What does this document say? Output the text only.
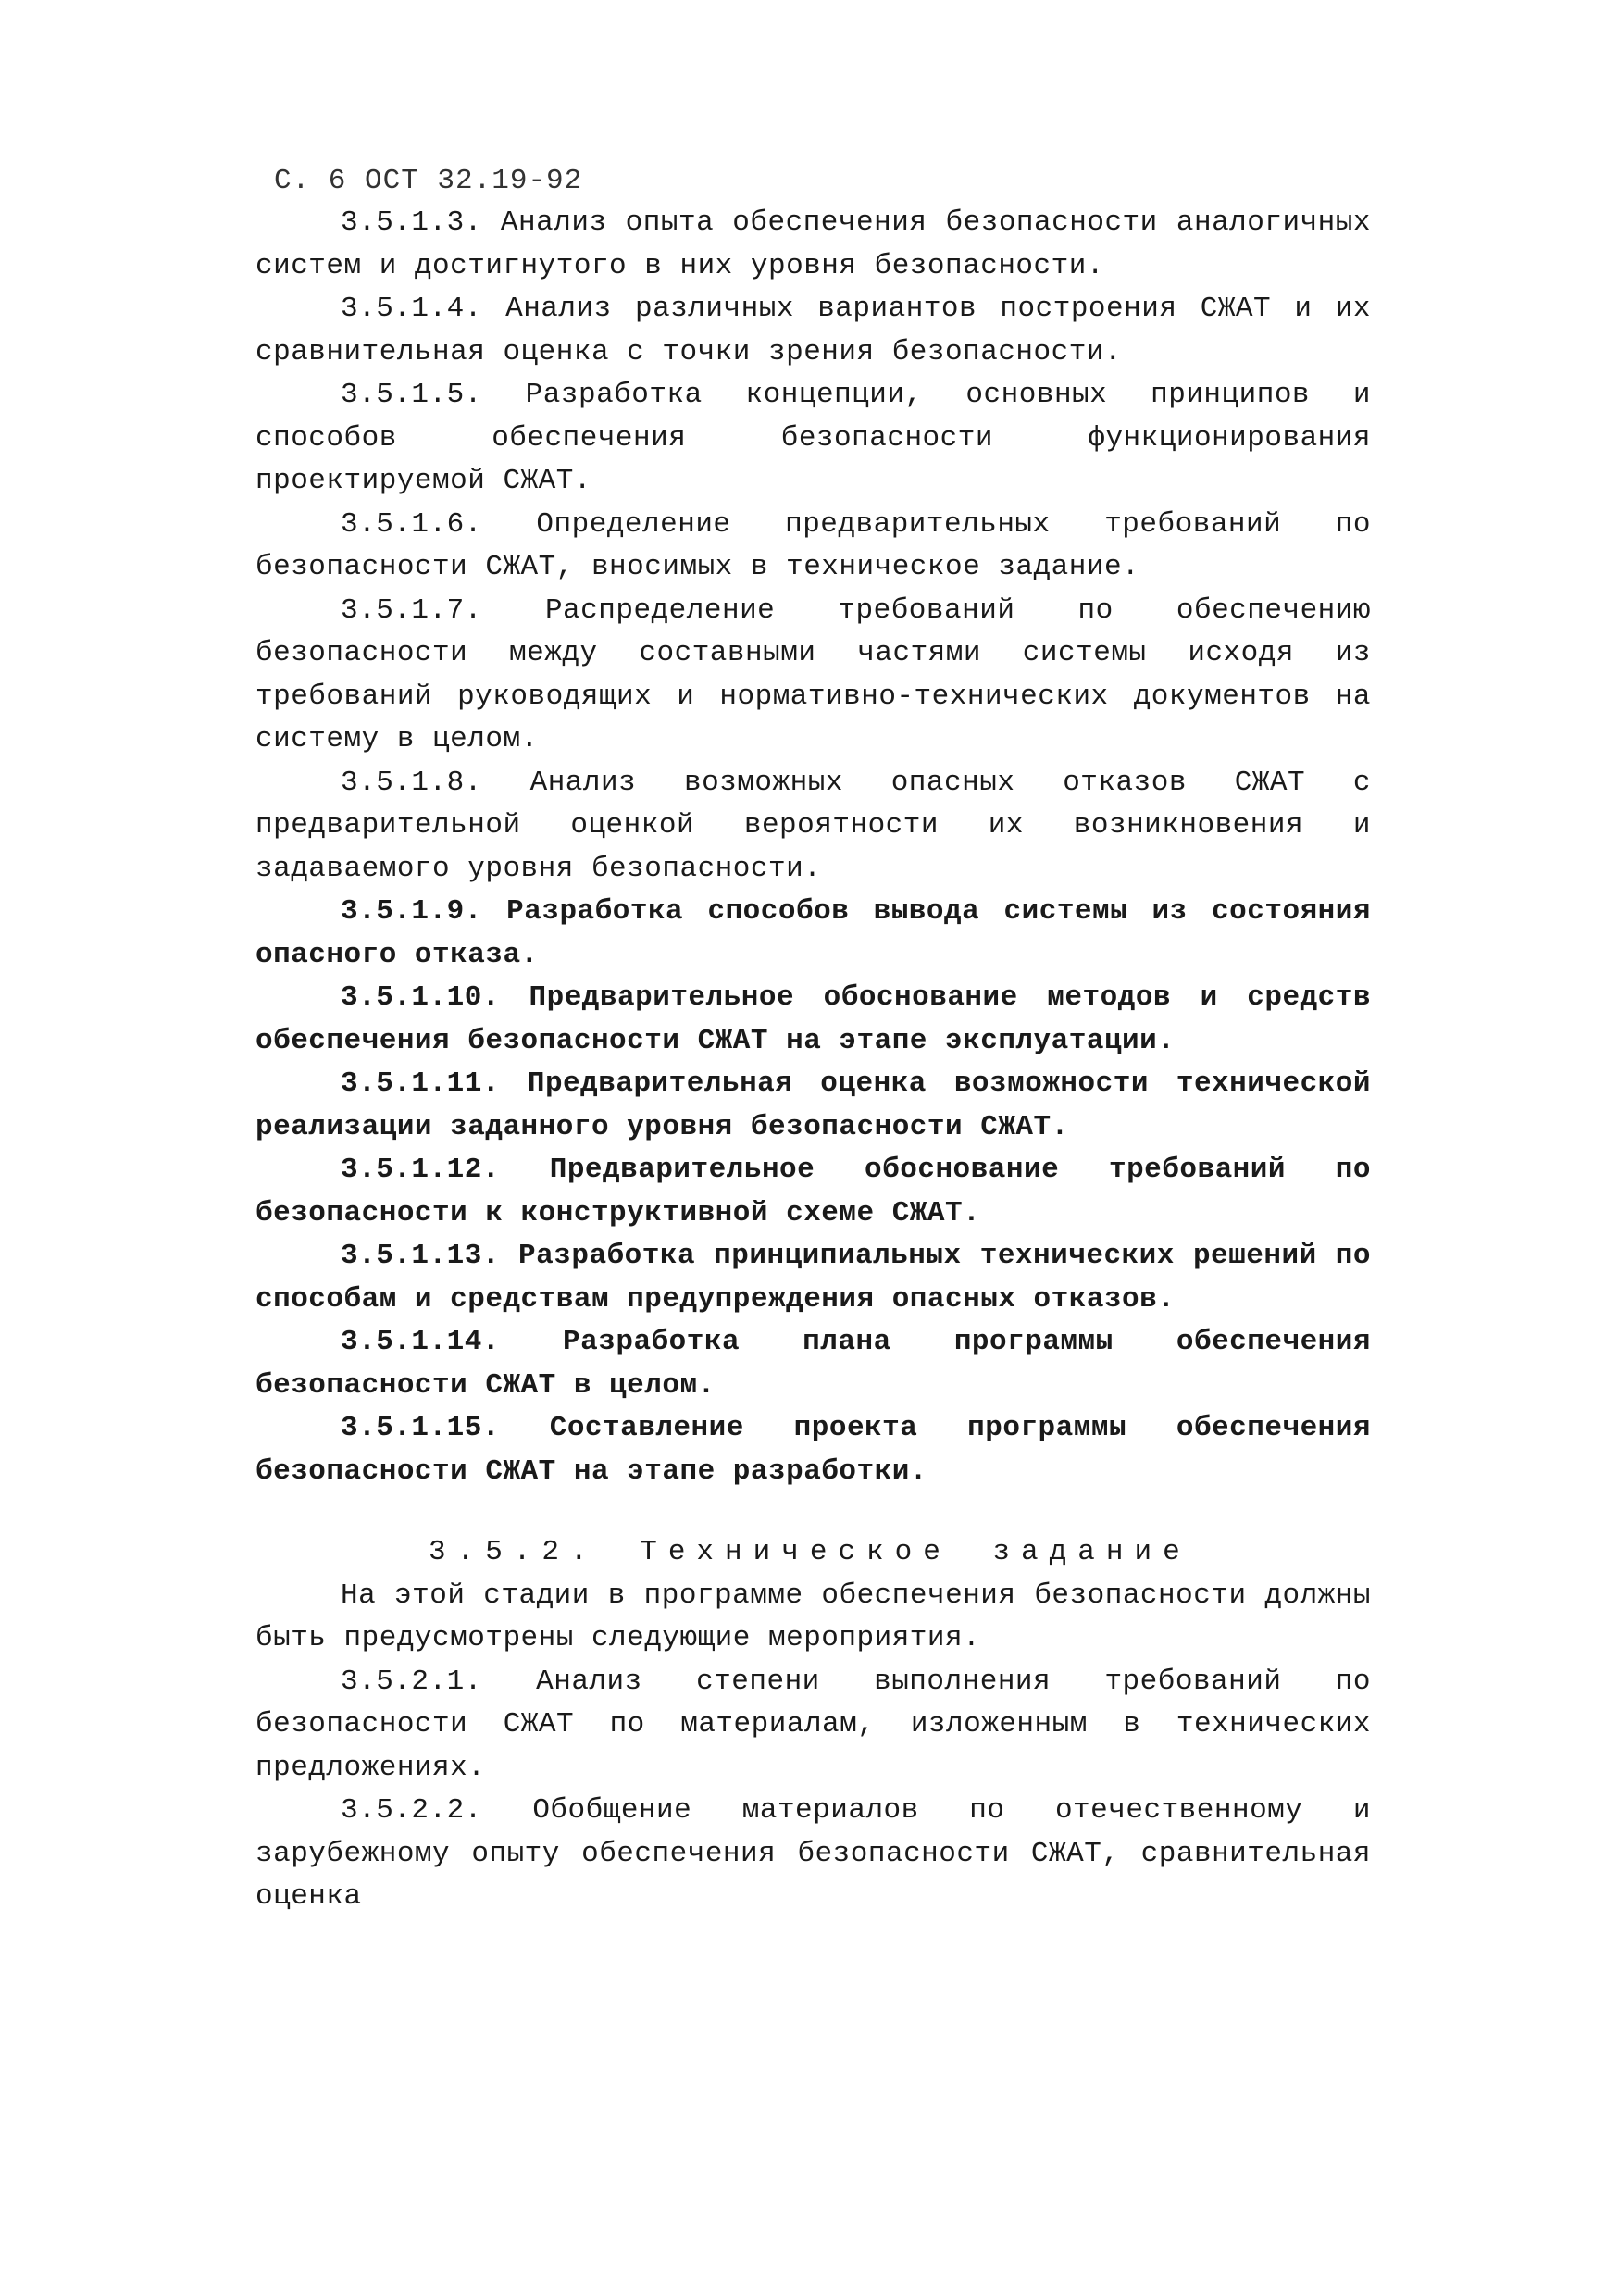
С. 6 ОСТ 32.19-92

3.5.1.3. Анализ опыта обеспечения безопасности аналогичных систем и достигнутого в них уровня безопасности.

3.5.1.4. Анализ различных вариантов построения СЖАТ и их сравнительная оценка с точки зрения безопасности.

3.5.1.5. Разработка концепции, основных принципов и способов обеспечения безопасности функционирования проектируемой СЖАТ.

3.5.1.6. Определение предварительных требований по безопасности СЖАТ, вносимых в техническое задание.

3.5.1.7. Распределение требований по обеспечению безопасности между составными частями системы исходя из требований руководящих и нормативно-технических документов на систему в целом.

3.5.1.8. Анализ возможных опасных отказов СЖАТ с предварительной оценкой вероятности их возникновения и задаваемого уровня безопасности.

3.5.1.9. Разработка способов вывода системы из состояния опасного отказа.

3.5.1.10. Предварительное обоснование методов и средств обеспечения безопасности СЖАТ на этапе эксплуатации.

3.5.1.11. Предварительная оценка возможности технической реализации заданного уровня безопасности СЖАТ.

3.5.1.12. Предварительное обоснование требований по безопасности к конструктивной схеме СЖАТ.

3.5.1.13. Разработка принципиальных технических решений по способам и средствам предупреждения опасных отказов.

3.5.1.14. Разработка плана программы обеспечения безопасности СЖАТ в целом.

3.5.1.15. Составление проекта программы обеспечения безопасности СЖАТ на этапе разработки.

3.5.2. Техническое задание

На этой стадии в программе обеспечения безопасности должны быть предусмотрены следующие мероприятия.

3.5.2.1. Анализ степени выполнения требований по безопасности СЖАТ по материалам, изложенным в технических предложениях.

3.5.2.2. Обобщение материалов по отечественному и зарубежному опыту обеспечения безопасности СЖАТ, сравнительная оценка
